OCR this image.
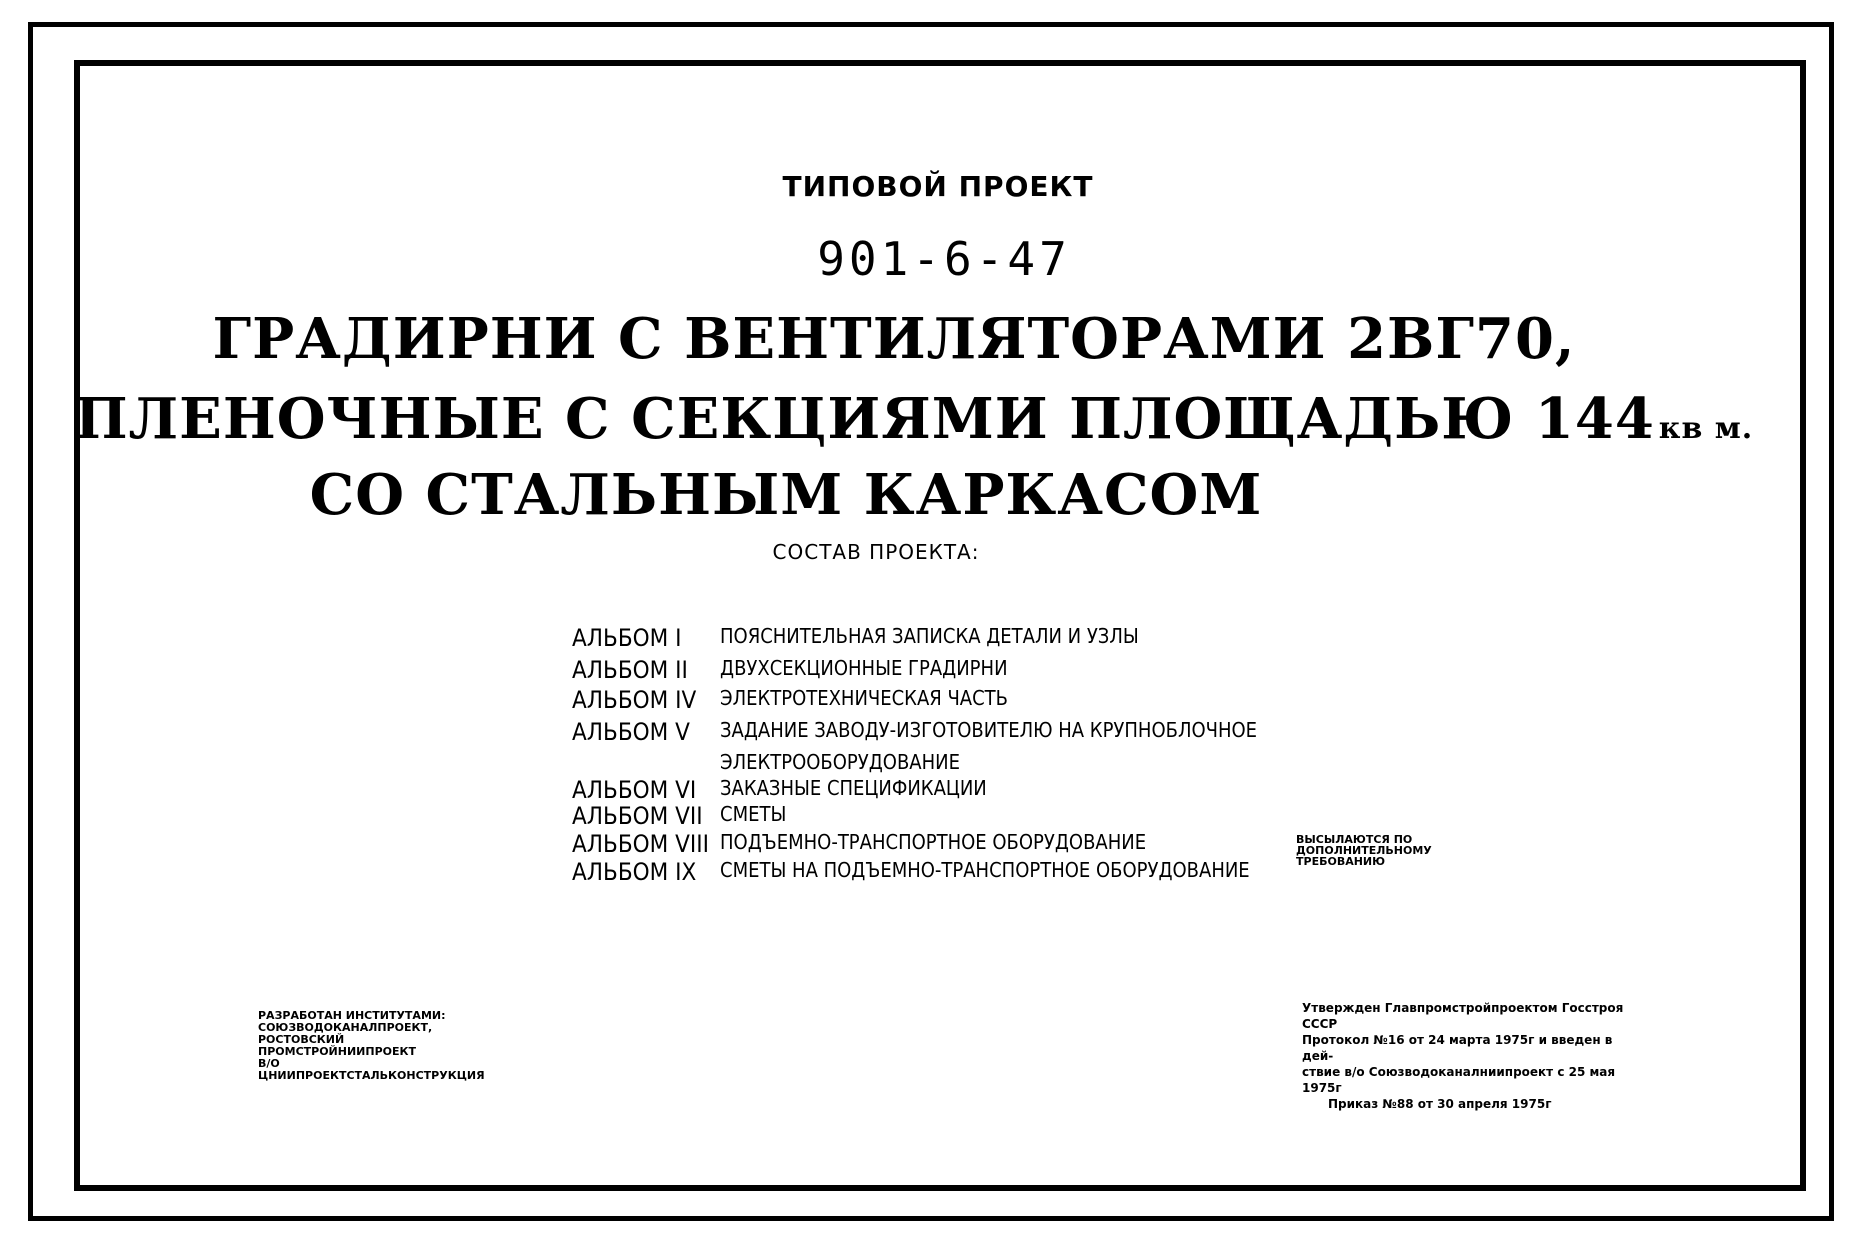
ТИПОВОЙ ПРОЕКТ
901-6-47
ГРАДИРНИ С ВЕНТИЛЯТОРАМИ 2ВГ70,
ПЛЕНОЧНЫЕ С СЕКЦИЯМИ ПЛОЩАДЬЮ 144 кв м.
СО СТАЛЬНЫМ КАРКАСОМ
СОСТАВ ПРОЕКТА:
АЛЬБОМ I ПОЯСНИТЕЛЬНАЯ ЗАПИСКА ДЕТАЛИ И УЗЛЫ
АЛЬБОМ II ДВУХСЕКЦИОННЫЕ ГРАДИРНИ
АЛЬБОМ IV ЭЛЕКТРОТЕХНИЧЕСКАЯ ЧАСТЬ
АЛЬБОМ V ЗАДАНИЕ ЗАВОДУ-ИЗГОТОВИТЕЛЮ НА КРУПНОБЛОЧНОЕ
ЭЛЕКТРООБОРУДОВАНИЕ
АЛЬБОМ VI ЗАКАЗНЫЕ СПЕЦИФИКАЦИИ
АЛЬБОМ VII СМЕТЫ
АЛЬБОМ VIII ПОДЪЕМНО-ТРАНСПОРТНОЕ ОБОРУДОВАНИЕ
АЛЬБОМ IX СМЕТЫ НА ПОДЪЕМНО-ТРАНСПОРТНОЕ ОБОРУДОВАНИЕ
ВЫСЫЛАЮТСЯ ПО ДОПОЛНИТЕЛЬНОМУ ТРЕБОВАНИЮ
РАЗРАБОТАН ИНСТИТУТАМИ:
СОЮЗВОДОКАНАЛПРОЕКТ, РОСТОВСКИЙ
ПРОМСТРОЙНИИПРОЕКТ
В/О ЦНИИПРОЕКТСТАЛЬКОНСТРУКЦИЯ
Утвержден Главпромстройпроектом Госстроя СССР
Протокол №16 от 24 марта 1975г и введен в дей-
ствие в/о Союзводоканалниипроект с 25 мая 1975г
Приказ №88 от 30 апреля 1975г
